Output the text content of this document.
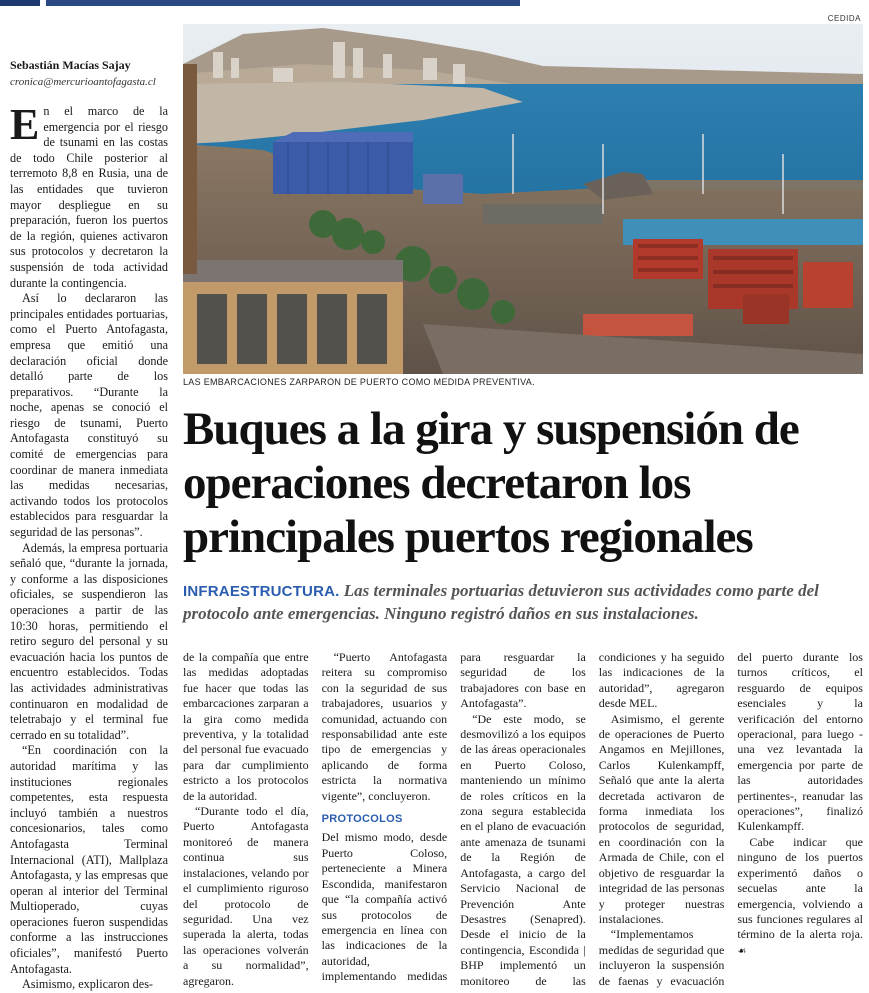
CEDIDA
LAS EMBARCACIONES ZARPARON DE PUERTO COMO MEDIDA PREVENTIVA.
Sebastián Macías Sajay
cronica@mercurioantofagasta.cl

En el marco de la emergencia por el riesgo de tsunami en las costas de todo Chile posterior al terremoto 8,8 en Rusia, una de las entidades que tuvieron mayor despliegue en su preparación, fueron los puertos de la región, quienes activaron sus protocolos y decretaron la suspensión de toda actividad durante la contingencia.

Así lo declararon las principales entidades portuarias, como el Puerto Antofagasta, empresa que emitió una declaración oficial donde detalló parte de los preparativos. “Durante la noche, apenas se conoció el riesgo de tsunami, Puerto Antofagasta constituyó su comité de emergencias para coordinar de manera inmediata las medidas necesarias, activando todos los protocolos establecidos para resguardar la seguridad de las personas”.

Además, la empresa portuaria señaló que, “durante la jornada, y conforme a las disposiciones oficiales, se suspendieron las operaciones a partir de las 10:30 horas, permitiendo el retiro seguro del personal y su evacuación hacia los puntos de encuentro establecidos. Todas las actividades administrativas continuaron en modalidad de teletrabajo y el terminal fue cerrado en su totalidad”.

“En coordinación con la autoridad marítima y las instituciones regionales competentes, esta respuesta incluyó también a nuestros concesionarios, tales como Antofagasta Terminal Internacional (ATI), Mallplaza Antofagasta, y las empresas que operan al interior del Terminal Multioperado, cuyas operaciones fueron suspendidas conforme a las instrucciones oficiales”, manifestó Puerto Antofagasta.

Asimismo, explicaron des-

Buques a la gira y suspensión de operaciones decretaron los principales puertos regionales
INFRAESTRUCTURA. Las terminales portuarias detuvieron sus actividades como parte del protocolo ante emergencias. Ninguno registró daños en sus instalaciones.

de la compañía que entre las medidas adoptadas fue hacer que todas las embarcaciones zarparan a la gira como medida preventiva, y la totalidad del personal fue evacuado para dar cumplimiento estricto a los protocolos de la autoridad.

“Durante todo el día, Puerto Antofagasta monitoreó de manera continua sus instalaciones, velando por el cumplimiento riguroso del protocolo de seguridad. Una vez superada la alerta, todas las operaciones volverán a su normalidad”, agregaron.

“Puerto Antofagasta reitera su compromiso con la seguridad de sus trabajadores, usuarios y comunidad, actuando con responsabilidad ante este tipo de emergencias y aplicando de forma estricta la normativa vigente”, concluyeron.

PROTOCOLOS

Del mismo modo, desde Puerto Coloso, perteneciente a Minera Escondida, manifestaron que “la compañía activó sus protocolos de emergencia en línea con las indicaciones de la autoridad, implementando medidas para resguardar la seguridad de los trabajadores con base en Antofagasta”.

“De este modo, se desmovilizó a los equipos de las áreas operacionales en Puerto Coloso, manteniendo un mínimo de roles críticos en la zona segura establecida en el plano de evacuación ante amenaza de tsunami de la Región de Antofagasta, a cargo del Servicio Nacional de Prevención Ante Desastres (Senapred). Desde el inicio de la contingencia, Escondida | BHP implementó un monitoreo de las condiciones y ha seguido las indicaciones de la autoridad”, agregaron desde MEL.

Asimismo, el gerente de operaciones de Puerto Angamos en Mejillones, Carlos Kulenkampff, Señaló que ante la alerta decretada activaron de forma inmediata los protocolos de seguridad, en coordinación con la Armada de Chile, con el objetivo de resguardar la integridad de las personas y proteger nuestras instalaciones.

“Implementamos medidas de seguridad que incluyeron la suspensión de faenas y evacuación del puerto durante los turnos críticos, el resguardo de equipos esenciales y la verificación del entorno operacional, para luego -una vez levantada la emergencia por parte de las autoridades pertinentes-, reanudar las operaciones”, finalizó Kulenkampff.

Cabe indicar que ninguno de los puertos experimentó daños o secuelas ante la emergencia, volviendo a sus funciones regulares al término de la alerta roja. ☙
